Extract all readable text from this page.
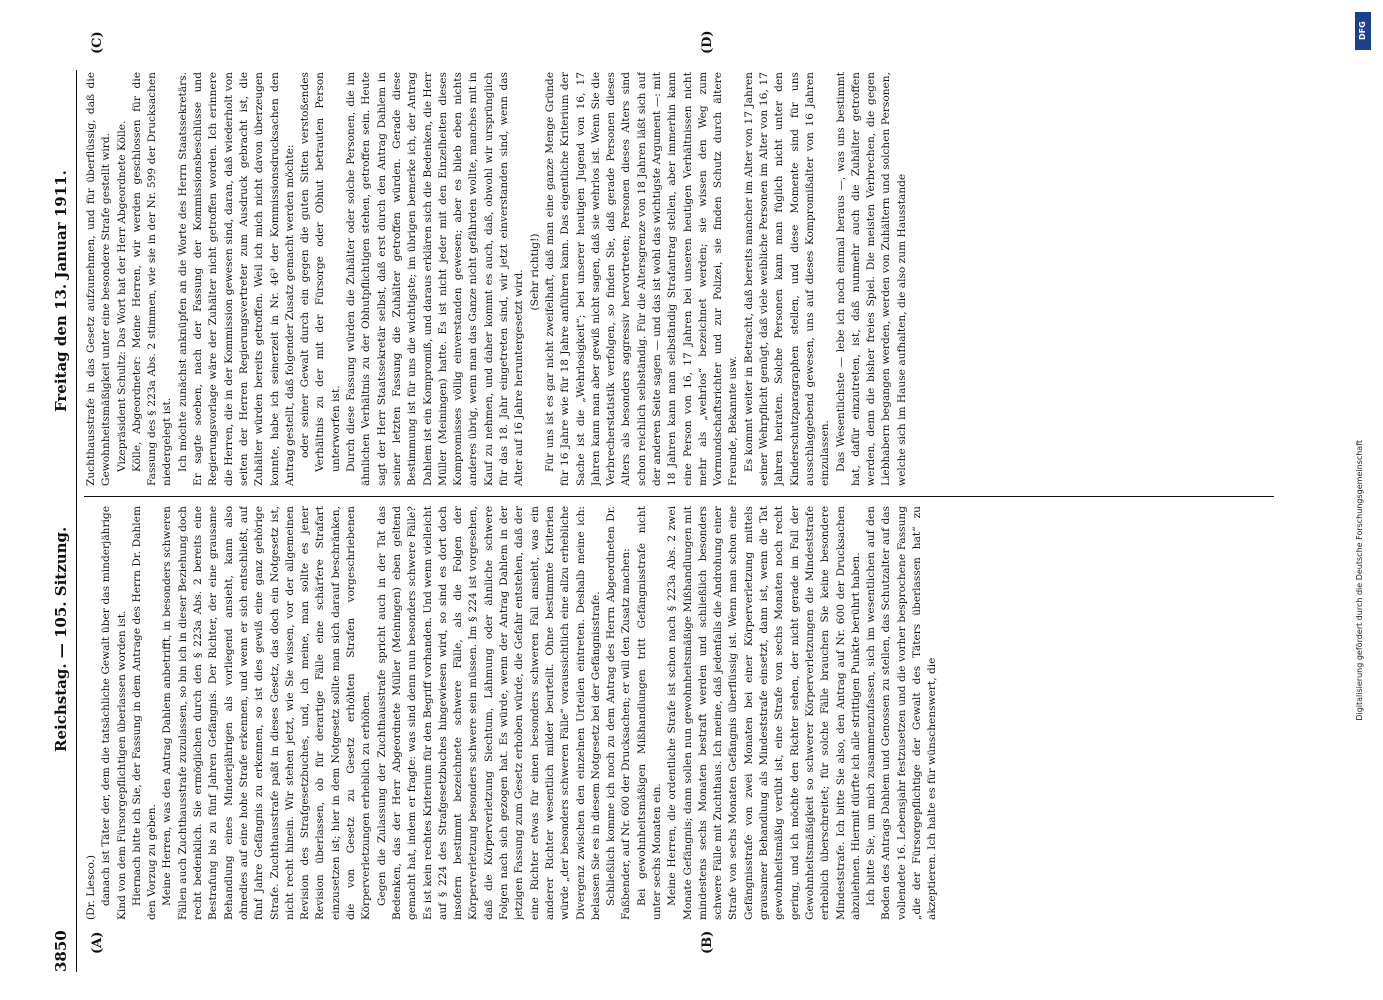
3850
Reichstag. — 105. Sitzung.
Freitag den 13. Januar 1911.
(A)	(B)
(C)	(D)

(Dr. Liesco.) danach ist Täter der, dem die tatsächliche Gewalt über das minderjährige Kind von dem Fürsorgepflichtigen überlassen worden ist. Hiernach bitte ich Sie, der Fassung in dem Antrage des Herrn Dr. Dahlem den Vorzug zu geben. Meine Herren, was den Antrag Dahlem anbetrifft, in besonders schweren Fällen auch Zuchthausstrafe zuzulassen, so bin ich in dieser Beziehung doch recht bedenklich. Sie ermöglichen durch den § 223a Abs. 2 bereits eine Bestrafung bis zu fünf Jahren Gefängnis. Der Richter, der eine grausame Behandlung eines Minderjährigen als vorliegend ansieht, kann also ohnedies auf eine hohe Strafe erkennen, und wenn er sich entschließt, auf fünf Jahre Gefängnis zu erkennen, so ist dies gewiß eine ganz gehörige Strafe. Zuchthausstrafe paßt in dieses Gesetz, das doch ein Notgesetz ist, nicht recht hinein. Wir stehen jetzt, wie Sie wissen, vor der allgemeinen Revision des Strafgesetzbuches, und, ich meine, man sollte es jener Revision überlassen, ob für derartige Fälle eine schärfere Strafart einzusetzen ist; hier in dem Notgesetz sollte man sich darauf beschränken, die von Gesetz zu Gesetz erhöhten Strafen vorgeschriebenen Körperverletzungen erheblich zu erhöhen. Gegen die Zulassung der Zuchthausstrafe spricht auch in der Tat das Bedenken, das der Herr Abgeordnete Müller (Meiningen) eben geltend gemacht hat, indem er fragte: was sind denn nun besonders schwere Fälle? Es ist kein rechtes Kriterium für den Begriff vorhanden. Und wenn vielleicht auf § 224 des Strafgesetzbuches hingewiesen wird, so sind es dort doch insofern bestimmt bezeichnete schwere Fälle, als die Folgen der Körperverletzung besonders schwere sein müssen. Im § 224 ist vorgesehen, daß die Körperverletzung Siechtum, Lähmung oder ähnliche schwere Folgen nach sich gezogen hat. Es würde, wenn der Antrag Dahlem in der jetzigen Fassung zum Gesetz erhoben würde, die Gefahr entstehen, daß der eine Richter etwas für einen besonders schweren Fall ansieht, was ein anderer Richter wesentlich milder beurteilt. Ohne bestimmte Kriterien würde „der besonders schweren Fälle“ voraussichtlich eine allzu erhebliche Divergenz zwischen den einzelnen Urteilen eintreten. Deshalb meine ich: belassen Sie es in diesem Notgesetz bei der Gefängnisstrafe. Schließlich komme ich noch zu dem Antrag des Herrn Abgeordneten Dr. Faßbender, auf Nr. 600 der Drucksachen; er will den Zusatz machen: Bei gewohnheitsmäßigen Mißhandlungen tritt Gefängnisstrafe nicht unter sechs Monaten ein. Meine Herren, die ordentliche Strafe ist schon nach § 223a Abs. 2 zwei Monate Gefängnis; dann sollen nun gewohnheitsmäßige Mißhandlungen mit mindestens sechs Monaten bestraft werden und schließlich besonders schwere Fälle mit Zuchthaus. Ich meine, daß jedenfalls die Androhung einer Strafe von sechs Monaten Gefängnis überflüssig ist. Wenn man schon eine Gefängnisstrafe von zwei Monaten bei einer Körperverletzung mittels grausamer Behandlung als Mindeststrafe einsetzt, dann ist, wenn die Tat gewohnheitsmäßig verübt ist, eine Strafe von sechs Monaten noch recht gering, und ich möchte den Richter sehen, der nicht gerade im Fall der Gewohnheitsmäßigkeit so schwerer Körperverletzungen die Mindeststrafe erheblich überschreitet; für solche Fälle brauchen Sie keine besondere Mindeststrafe. Ich bitte Sie also, den Antrag auf Nr. 600 der Drucksachen abzulehnen. Hiermit dürfte ich alle strittigen Punkte berührt haben. Ich bitte Sie, um mich zusammenzufassen, sich im wesentlichen auf den Boden des Antrags Dahlem und Genossen zu stellen, das Schutzalter auf das vollendete 16. Lebensjahr festzusetzen und die vorher besprochene Fassung „die der Fürsorgepflichtige der Gewalt des Täters überlassen hat“ zu akzeptieren. Ich halte es für wünschenswert, die

Zuchthausstrafe in das Gesetz aufzunehmen, und für überflüssig, daß die Gewohnheitsmäßigkeit unter eine besondere Strafe gestellt wird. Vizepräsident Schultz: Das Wort hat der Herr Abgeordnete Kölle. Kölle, Abgeordneter: Meine Herren, wir werden geschlossen für die Fassung des § 223a Abs. 2 stimmen, wie sie in der Nr. 599 der Drucksachen niedergelegt ist. Ich möchte zunächst anknüpfen an die Worte des Herrn Staatssekretärs. Er sagte soeben, nach der Fassung der Kommissionsbeschlüsse und Regierungsvorlage wäre der Zuhälter nicht getroffen worden. Ich erinnere die Herren, die in der Kommission gewesen sind, daran, daß wiederholt von seiten der Herren Regierungsvertreter zum Ausdruck gebracht ist, die Zuhälter würden bereits getroffen. Weil ich mich nicht davon überzeugen konnte, habe ich seinerzeit in Nr. 46³ der Kommissionsdrucksachen den Antrag gestellt, daß folgender Zusatz gemacht werden möchte: oder seiner Gewalt durch ein gegen die guten Sitten verstoßendes Verhältnis zu der mit der Fürsorge oder Obhut betrauten Person unterworfen ist. Durch diese Fassung würden die Zuhälter oder solche Personen, die im ähnlichen Verhältnis zu der Obhutpflichtigen stehen, getroffen sein. Heute sagt der Herr Staatssekretär selbst, daß erst durch den Antrag Dahlem in seiner letzten Fassung die Zuhälter getroffen würden. Gerade diese Bestimmung ist für uns die wichtigste; im übrigen bemerke ich, der Antrag Dahlem ist ein Kompromiß, und daraus erklären sich die Bedenken, die Herr Müller (Meiningen) hatte. Es ist nicht jeder mit den Einzelheiten dieses Kompromisses völlig einverstanden gewesen; aber es blieb eben nichts anderes übrig, wenn man das Ganze nicht gefährden wollte, manches mit in Kauf zu nehmen, und daher kommt es auch, daß, obwohl wir ursprünglich für das 18. Jahr eingetreten sind, wir jetzt einverstanden sind, wenn das Alter auf 16 Jahre heruntergesetzt wird. (Sehr richtig!) Für uns ist es gar nicht zweifelhaft, daß man eine ganze Menge Gründe für 16 Jahre wie für 18 Jahre anführen kann. Das eigentliche Kriterium der Sache ist die „Wehrlosigkeit“; bei unserer heutigen Jugend von 16, 17 Jahren kann man aber gewiß nicht sagen, daß sie wehrlos ist. Wenn Sie die Verbrecherstatistik verfolgen, so finden Sie, daß gerade Personen dieses Alters als besonders aggressiv hervortreten; Personen dieses Alters sind schon reichlich selbständig. Für die Altersgrenze von 18 Jahren läßt sich auf der anderen Seite sagen — und das ist wohl das wichtigste Argument —: mit 18 Jahren kann man selbständig Strafantrag stellen, aber immerhin kann eine Person von 16, 17 Jahren bei unseren heutigen Verhältnissen nicht mehr als „wehrlos“ bezeichnet werden; sie wissen den Weg zum Vormundschaftsrichter und zur Polizei, sie finden Schutz durch ältere Freunde, Bekannte usw. Es kommt weiter in Betracht, daß bereits mancher im Alter von 17 Jahren seiner Wehrpflicht genügt, daß viele weibliche Personen im Alter von 16, 17 Jahren heiraten. Solche Personen kann man füglich nicht unter den Kinderschutzparagraphen stellen, und diese Momente sind für uns ausschlaggebend gewesen, uns auf dieses Kompromißalter von 16 Jahren einzulassen. Das Wesentlichste — lebe ich noch einmal heraus —, was uns bestimmt hat, dafür einzutreten, ist, daß nunmehr auch die Zuhälter getroffen werden, denn die bisher freies Spiel. Die meisten Verbrechen, die gegen Liebhabern begangen werden, werden von Zuhältern und solchen Personen, welche sich im Hause aufhalten, die also zum Hausstande

DFG
Digitalisierung gefördert durch die Deutsche Forschungsgemeinschaft
